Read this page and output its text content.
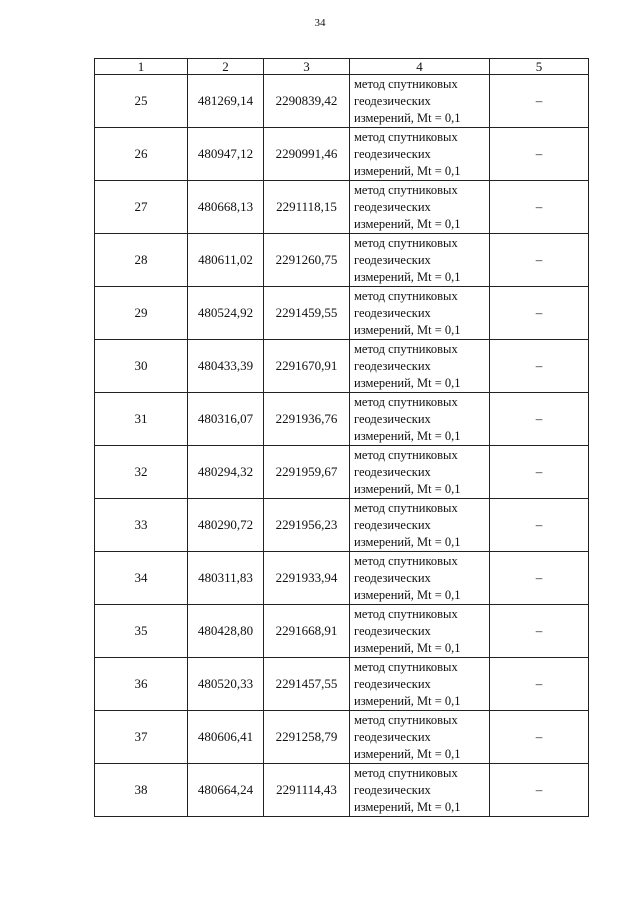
34
1	2	3	4	5
25	481269,14	2290839,42	метод спутниковых
геодезических
измерений, Mt = 0,1	–
26	480947,12	2290991,46	метод спутниковых
геодезических
измерений, Mt = 0,1	–
27	480668,13	2291118,15	метод спутниковых
геодезических
измерений, Mt = 0,1	–
28	480611,02	2291260,75	метод спутниковых
геодезических
измерений, Mt = 0,1	–
29	480524,92	2291459,55	метод спутниковых
геодезических
измерений, Mt = 0,1	–
30	480433,39	2291670,91	метод спутниковых
геодезических
измерений, Mt = 0,1	–
31	480316,07	2291936,76	метод спутниковых
геодезических
измерений, Mt = 0,1	–
32	480294,32	2291959,67	метод спутниковых
геодезических
измерений, Mt = 0,1	–
33	480290,72	2291956,23	метод спутниковых
геодезических
измерений, Mt = 0,1	–
34	480311,83	2291933,94	метод спутниковых
геодезических
измерений, Mt = 0,1	–
35	480428,80	2291668,91	метод спутниковых
геодезических
измерений, Mt = 0,1	–
36	480520,33	2291457,55	метод спутниковых
геодезических
измерений, Mt = 0,1	–
37	480606,41	2291258,79	метод спутниковых
геодезических
измерений, Mt = 0,1	–
38	480664,24	2291114,43	метод спутниковых
геодезических
измерений, Mt = 0,1	–
